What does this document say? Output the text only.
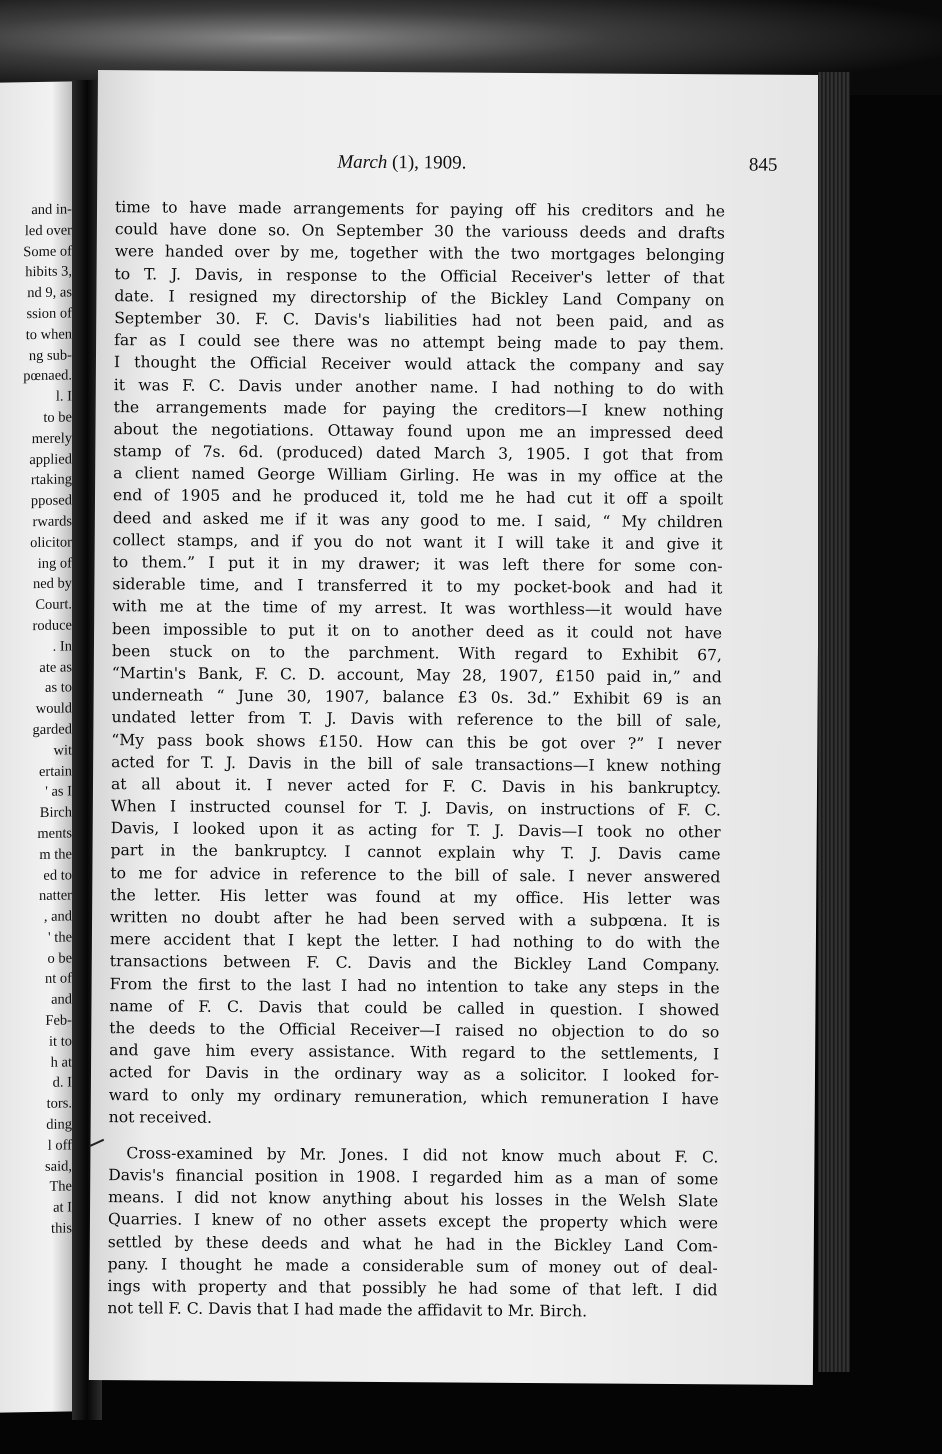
and in-
led over
Some of
hibits 3,
nd 9, as
ssion of
to when
ng sub-
pœnaed.
l. I
to be
merely
applied
rtaking
pposed
rwards
olicitor
ing of
ned by
Court.
roduce
. In
ate as
as to
would
garded
wit
ertain
' as I
Birch
ments
m the
ed to
natter
, and
' the
o be
nt of
and
Feb-
it to
h at
d. I
tors.
ding
l off
said,
The
at I
this
March (1), 1909.	845
time to have made arrangements for paying off his creditors and he
could have done so. On September 30 the variouss deeds and drafts
were handed over by me, together with the two mortgages belonging
to T. J. Davis, in response to the Official Receiver's letter of that
date. I resigned my directorship of the Bickley Land Company on
September 30. F. C. Davis's liabilities had not been paid, and as
far as I could see there was no attempt being made to pay them.
I thought the Official Receiver would attack the company and say
it was F. C. Davis under another name. I had nothing to do with
the arrangements made for paying the creditors—I knew nothing
about the negotiations. Ottaway found upon me an impressed deed
stamp of 7s. 6d. (produced) dated March 3, 1905. I got that from
a client named George William Girling. He was in my office at the
end of 1905 and he produced it, told me he had cut it off a spoilt
deed and asked me if it was any good to me. I said, “ My children
collect stamps, and if you do not want it I will take it and give it
to them.” I put it in my drawer; it was left there for some con-
siderable time, and I transferred it to my pocket-book and had it
with me at the time of my arrest. It was worthless—it would have
been impossible to put it on to another deed as it could not have
been stuck on to the parchment. With regard to Exhibit 67,
“Martin's Bank, F. C. D. account, May 28, 1907, £150 paid in,” and
underneath “ June 30, 1907, balance £3 0s. 3d.” Exhibit 69 is an
undated letter from T. J. Davis with reference to the bill of sale,
“My pass book shows £150. How can this be got over ?” I never
acted for T. J. Davis in the bill of sale transactions—I knew nothing
at all about it. I never acted for F. C. Davis in his bankruptcy.
When I instructed counsel for T. J. Davis, on instructions of F. C.
Davis, I looked upon it as acting for T. J. Davis—I took no other
part in the bankruptcy. I cannot explain why T. J. Davis came
to me for advice in reference to the bill of sale. I never answered
the letter. His letter was found at my office. His letter was
written no doubt after he had been served with a subpœna. It is
mere accident that I kept the letter. I had nothing to do with the
transactions between F. C. Davis and the Bickley Land Company.
From the first to the last I had no intention to take any steps in the
name of F. C. Davis that could be called in question. I showed
the deeds to the Official Receiver—I raised no objection to do so
and gave him every assistance. With regard to the settlements, I
acted for Davis in the ordinary way as a solicitor. I looked for-
ward to only my ordinary remuneration, which remuneration I have
not received.
Cross-examined by Mr. Jones. I did not know much about F. C.
Davis's financial position in 1908. I regarded him as a man of some
means. I did not know anything about his losses in the Welsh Slate
Quarries. I knew of no other assets except the property which were
settled by these deeds and what he had in the Bickley Land Com-
pany. I thought he made a considerable sum of money out of deal-
ings with property and that possibly he had some of that left. I did
not tell F. C. Davis that I had made the affidavit to Mr. Birch.
